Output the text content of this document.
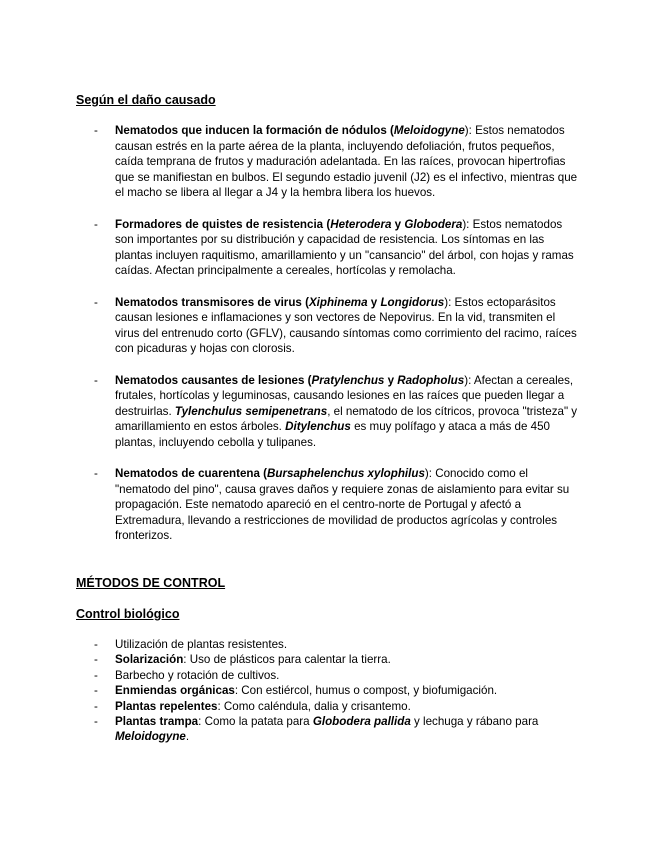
Según el daño causado
- Nematodos que inducen la formación de nódulos (Meloidogyne): Estos nematodos causan estrés en la parte aérea de la planta, incluyendo defoliación, frutos pequeños, caída temprana de frutos y maduración adelantada. En las raíces, provocan hipertrofias que se manifiestan en bulbos. El segundo estadio juvenil (J2) es el infectivo, mientras que el macho se libera al llegar a J4 y la hembra libera los huevos.
- Formadores de quistes de resistencia (Heterodera y Globodera): Estos nematodos son importantes por su distribución y capacidad de resistencia. Los síntomas en las plantas incluyen raquitismo, amarillamiento y un "cansancio" del árbol, con hojas y ramas caídas. Afectan principalmente a cereales, hortícolas y remolacha.
- Nematodos transmisores de virus (Xiphinema y Longidorus): Estos ectoparásitos causan lesiones e inflamaciones y son vectores de Nepovirus. En la vid, transmiten el virus del entrenudo corto (GFLV), causando síntomas como corrimiento del racimo, raíces con picaduras y hojas con clorosis.
- Nematodos causantes de lesiones (Pratylenchus y Radopholus): Afectan a cereales, frutales, hortícolas y leguminosas, causando lesiones en las raíces que pueden llegar a destruirlas. Tylenchulus semipenetrans, el nematodo de los cítricos, provoca "tristeza" y amarillamiento en estos árboles. Ditylenchus es muy polífago y ataca a más de 450 plantas, incluyendo cebolla y tulipanes.
- Nematodos de cuarentena (Bursaphelenchus xylophilus): Conocido como el "nematodo del pino", causa graves daños y requiere zonas de aislamiento para evitar su propagación. Este nematodo apareció en el centro-norte de Portugal y afectó a Extremadura, llevando a restricciones de movilidad de productos agrícolas y controles fronterizos.
MÉTODOS DE CONTROL
Control biológico
- Utilización de plantas resistentes.
- Solarización: Uso de plásticos para calentar la tierra.
- Barbecho y rotación de cultivos.
- Enmiendas orgánicas: Con estiércol, humus o compost, y biofumigación.
- Plantas repelentes: Como caléndula, dalia y crisantemo.
- Plantas trampa: Como la patata para Globodera pallida y lechuga y rábano para Meloidogyne.
